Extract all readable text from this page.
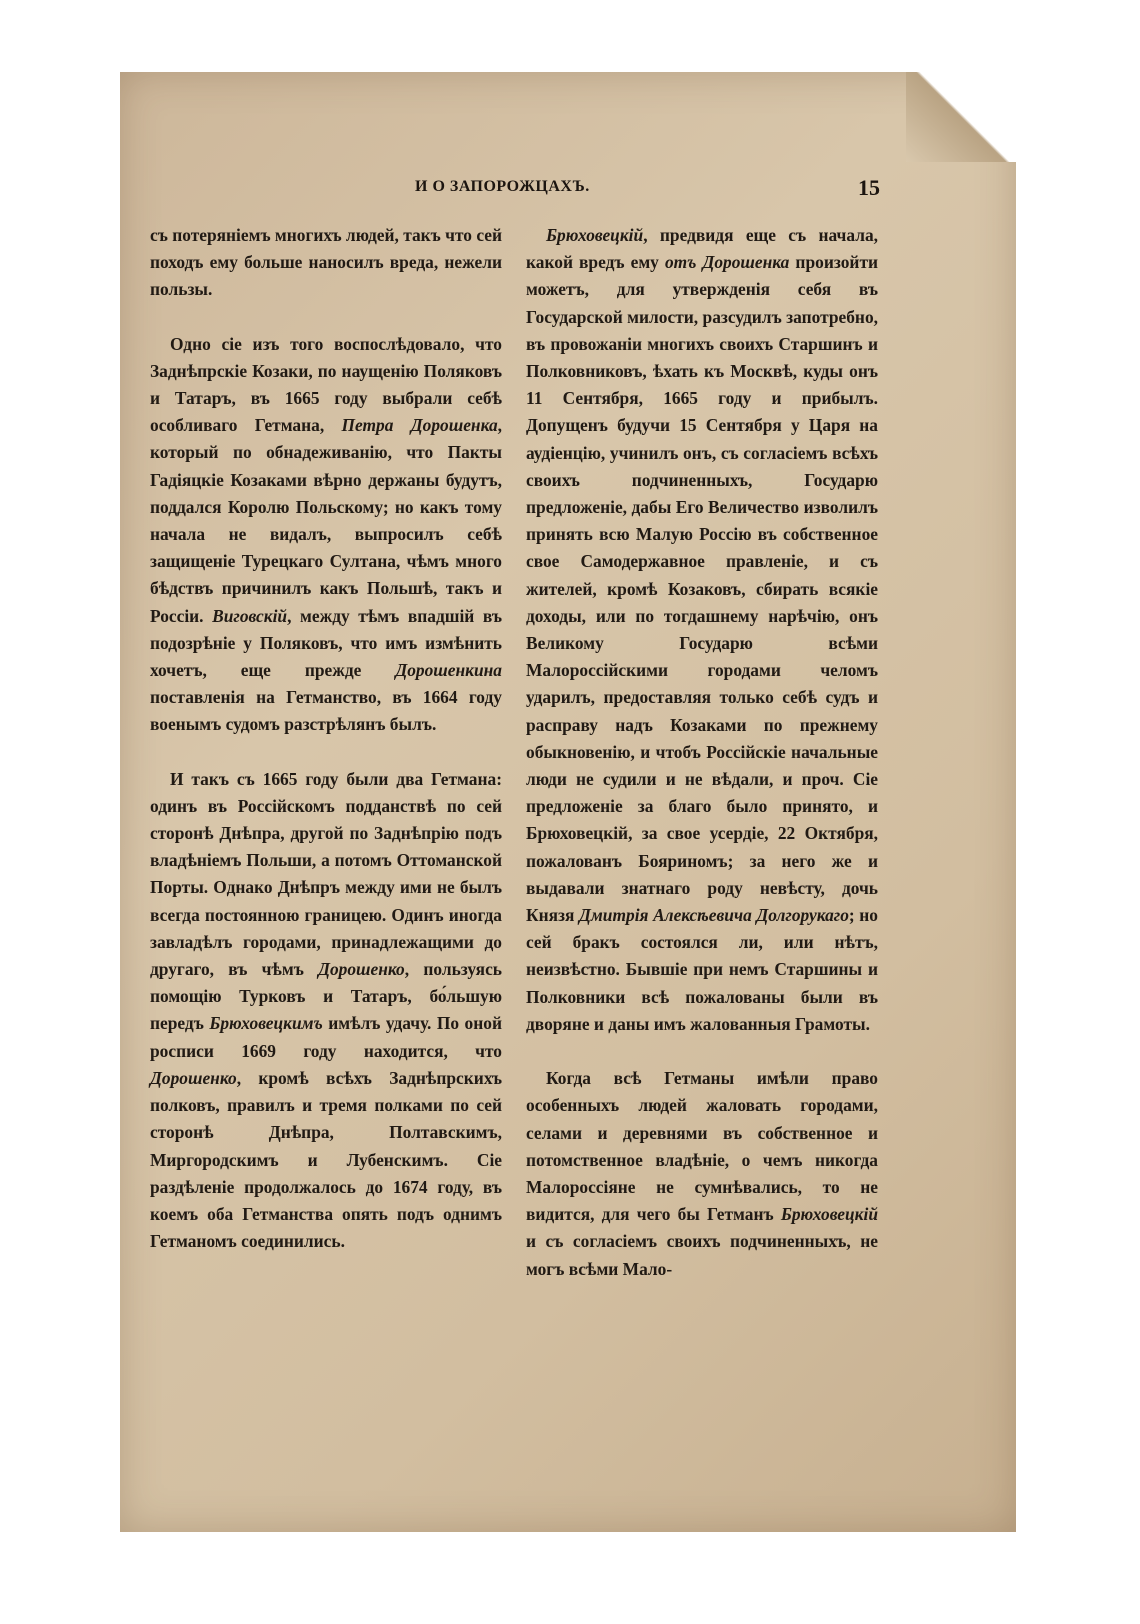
И О ЗАПОРОЖЦАХЪ.	15

съ потерянiемъ многихъ людей, такъ что сей походъ ему больше наносилъ вреда, нежели пользы.

Одно сiе изъ того воспослѣдовало, что Заднѣпрскiе Козаки, по наущенiю Поляковъ и Татаръ, въ 1665 году выбрали себѣ особливаго Гетмана, Петра Дорошенка, который по обнадеживанiю, что Пакты Гадiяцкiе Козаками вѣрно держаны будутъ, поддался Королю Польскому; но какъ тому начала не видалъ, выпросилъ себѣ защищенiе Турецкаго Султана, чѣмъ много бѣдствъ причинилъ какъ Польшѣ, такъ и Россiи. Виговскiй, между тѣмъ впадшiй въ подозрѣнiе у Поляковъ, что имъ измѣнить хочетъ, еще прежде Дорошенкина поставленiя на Гетманство, въ 1664 году военымъ судомъ разстрѣлянъ былъ.

И такъ съ 1665 году были два Гетмана: одинъ въ Россiйскомъ подданствѣ по сей сторонѣ Днѣпра, другой по Заднѣпрiю подъ владѣнiемъ Польши, а потомъ Оттоманской Порты. Однако Днѣпръ между ими не былъ всегда постоянною границею. Одинъ иногда завладѣлъ городами, принадлежащими до другаго, въ чѣмъ Дорошенко, пользуясь помощiю Турковъ и Татаръ, бо́льшую передъ Брюховецкимъ имѣлъ удачу. По оной росписи 1669 году находится, что Дорошенко, кромѣ всѣхъ Заднѣпрскихъ полковъ, правилъ и тремя полками по сей сторонѣ Днѣпра, Полтавскимъ, Миргородскимъ и Лубенскимъ. Сiе раздѣленiе продолжалось до 1674 году, въ коемъ оба Гетманства опять подъ однимъ Гетманомъ соединились.

Брюховецкiй, предвидя еще съ начала, какой вредъ ему отъ Дорошенка произойти можетъ, для утвержденiя себя въ Государской милости, разсудилъ запотребно, въ провожанiи многихъ своихъ Старшинъ и Полковниковъ, ѣхать къ Москвѣ, куды онъ 11 Сентября, 1665 году и прибылъ. Допущенъ будучи 15 Сентября у Царя на аудiенцiю, учинилъ онъ, съ согласiемъ всѣхъ своихъ подчиненныхъ, Государю предложенiе, дабы Его Величество изволилъ принять всю Малую Россiю въ собственное свое Самодержавное правленiе, и съ жителей, кромѣ Козаковъ, сбирать всякiе доходы, или по тогдашнему нарѣчiю, онъ Великому Государю всѣми Малороссiйскими городами челомъ ударилъ, предоставляя только себѣ судъ и расправу надъ Козаками по прежнему обыкновенiю, и чтобъ Россiйскiе начальные люди не судили и не вѣдали, и проч. Сiе предложенiе за благо было принято, и Брюховецкiй, за свое усердiе, 22 Октября, пожалованъ Бояриномъ; за него же и выдавали знатнаго роду невѣсту, дочь Князя Дмитрiя Алексѣевича Долгорукаго; но сей бракъ состоялся ли, или нѣтъ, неизвѣстно. Бывшiе при немъ Старшины и Полковники всѣ пожалованы были въ дворяне и даны имъ жалованныя Грамоты.

Когда всѣ Гетманы имѣли право особенныхъ людей жаловать городами, селами и деревнями въ собственное и потомственное владѣнiе, о чемъ никогда Малороссiяне не сумнѣвались, то не видится, для чего бы Гетманъ Брюховецкiй и съ согласiемъ своихъ подчиненныхъ, не могъ всѣми Мало-
